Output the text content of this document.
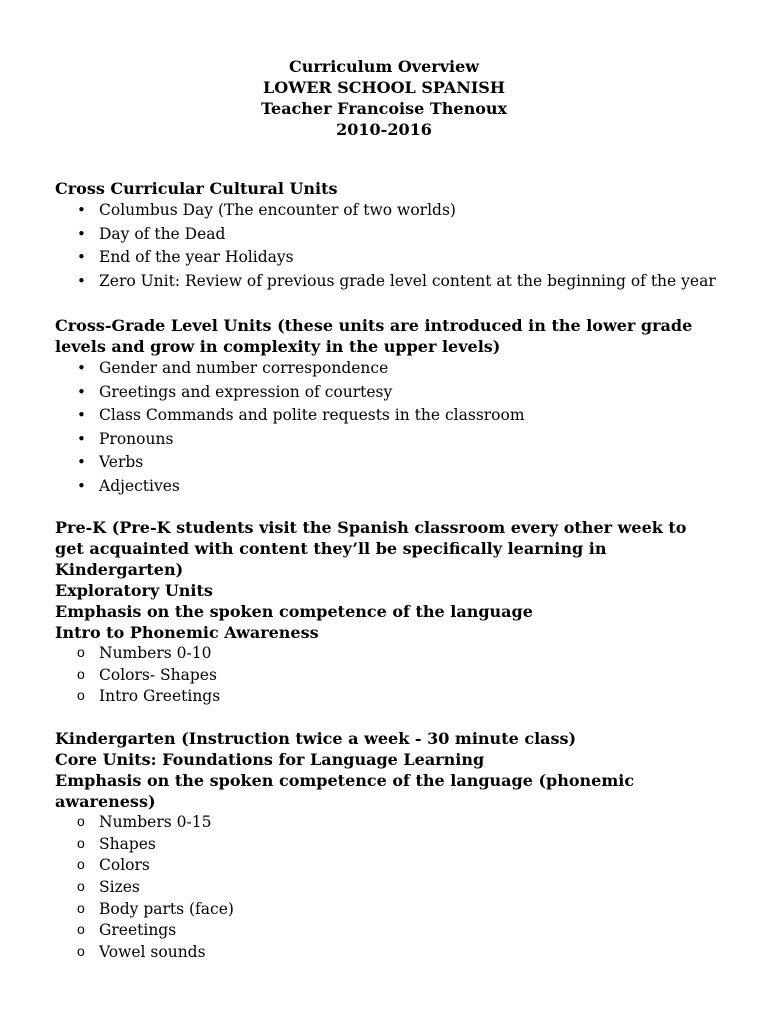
Curriculum Overview
LOWER SCHOOL SPANISH
Teacher Francoise Thenoux
2010-2016
Cross Curricular Cultural Units
• Columbus Day (The encounter of two worlds)
• Day of the Dead
• End of the year Holidays
• Zero Unit: Review of previous grade level content at the beginning of the year
Cross-Grade Level Units (these units are introduced in the lower grade
levels and grow in complexity in the upper levels)
• Gender and number correspondence
• Greetings and expression of courtesy
• Class Commands and polite requests in the classroom
• Pronouns
• Verbs
• Adjectives
Pre-K (Pre-K students visit the Spanish classroom every other week to
get acquainted with content they’ll be specifically learning in
Kindergarten)
Exploratory Units
Emphasis on the spoken competence of the language
Intro to Phonemic Awareness
o Numbers 0-10
o Colors- Shapes
o Intro Greetings
Kindergarten (Instruction twice a week - 30 minute class)
Core Units: Foundations for Language Learning
Emphasis on the spoken competence of the language (phonemic
awareness)
o Numbers 0-15
o Shapes
o Colors
o Sizes
o Body parts (face)
o Greetings
o Vowel sounds
